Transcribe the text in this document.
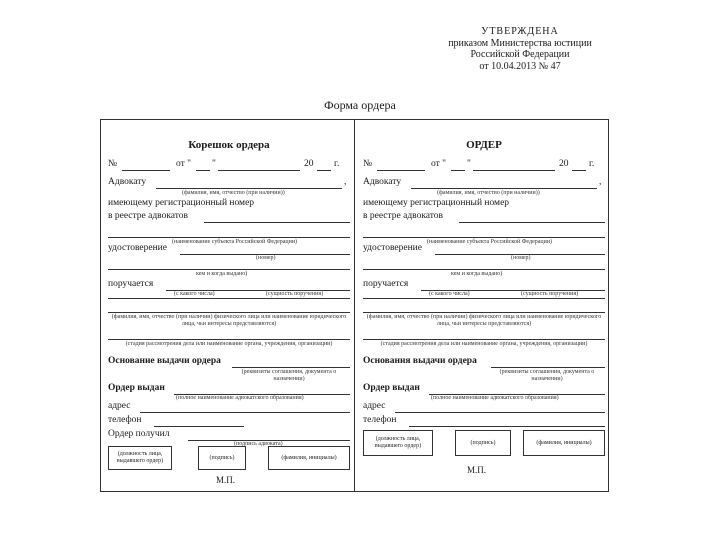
УТВЕРЖДЕНА
приказом Министерства юстиции
Российской Федерации
от 10.04.2013 № 47
Форма ордера
Корешок ордера
№	от " "	20 г.
Адвокату	,
(фамилия, имя, отчество (при наличии))
имеющему регистрационный номер
в реестре адвокатов
(наименование субъекта Российской Федерации)
удостоверение
(номер)
кем и когда выдано)
поручается
(с какого числа)	(сущность поручения)
(фамилия, имя, отчество (при наличии) физического лица или наименование юридического лица, чьи интересы представляются)
(стадия рассмотрения дела или наименование органа, учреждения, организации)
Основание выдачи ордера
(реквизиты соглашения, документа о назначении)
Ордер выдан
(полное наименование адвокатского образования)
адрес
телефон
Ордер получил
(подпись адвоката)
(должность лица, выдавшего ордер)
(подпись)	(фамилия, инициалы)
М.П.
ОРДЕР
№	от " "	20 г.
Адвокату	,
(фамилия, имя, отчество (при наличии))
имеющему регистрационный номер
в реестре адвокатов
(наименование субъекта Российской Федерации)
удостоверение
(номер)
кем и когда выдано)
поручается
(с какого числа)	(сущность поручения)
(фамилия, имя, отчество (при наличии) физического лица или наименование юридического лица, чьи интересы представляются)
(стадия рассмотрения дела или наименование органа, учреждения, организации)
Основания выдачи ордера
(реквизиты соглашения, документа о назначении)
Ордер выдан
(полное наименование адвокатского образования)
адрес
телефон
(должность лица, выдавшего ордер)
(подпись)	(фамилия, инициалы)
М.П.
